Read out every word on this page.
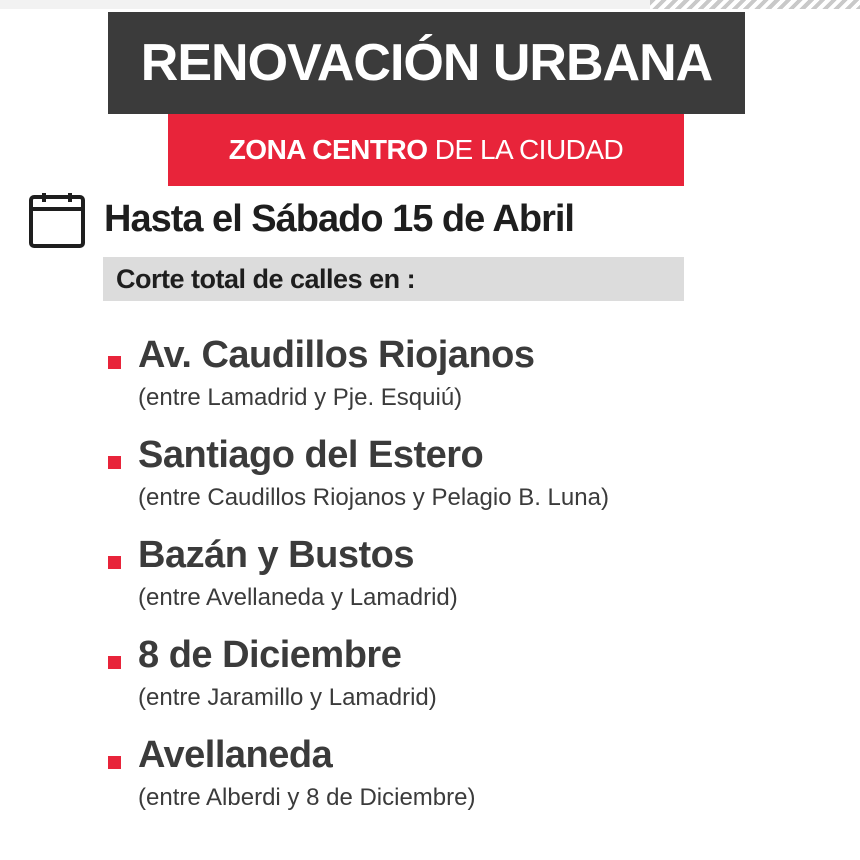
RENOVACIÓN URBANA
ZONA CENTRO DE LA CIUDAD
Hasta el Sábado 15 de Abril
Corte total de calles en :
Av. Caudillos Riojanos
(entre Lamadrid y Pje. Esquiú)
Santiago del Estero
(entre Caudillos Riojanos y Pelagio B. Luna)
Bazán y Bustos
(entre Avellaneda y Lamadrid)
8 de Diciembre
(entre Jaramillo y Lamadrid)
Avellaneda
(entre Alberdi y 8 de Diciembre)
